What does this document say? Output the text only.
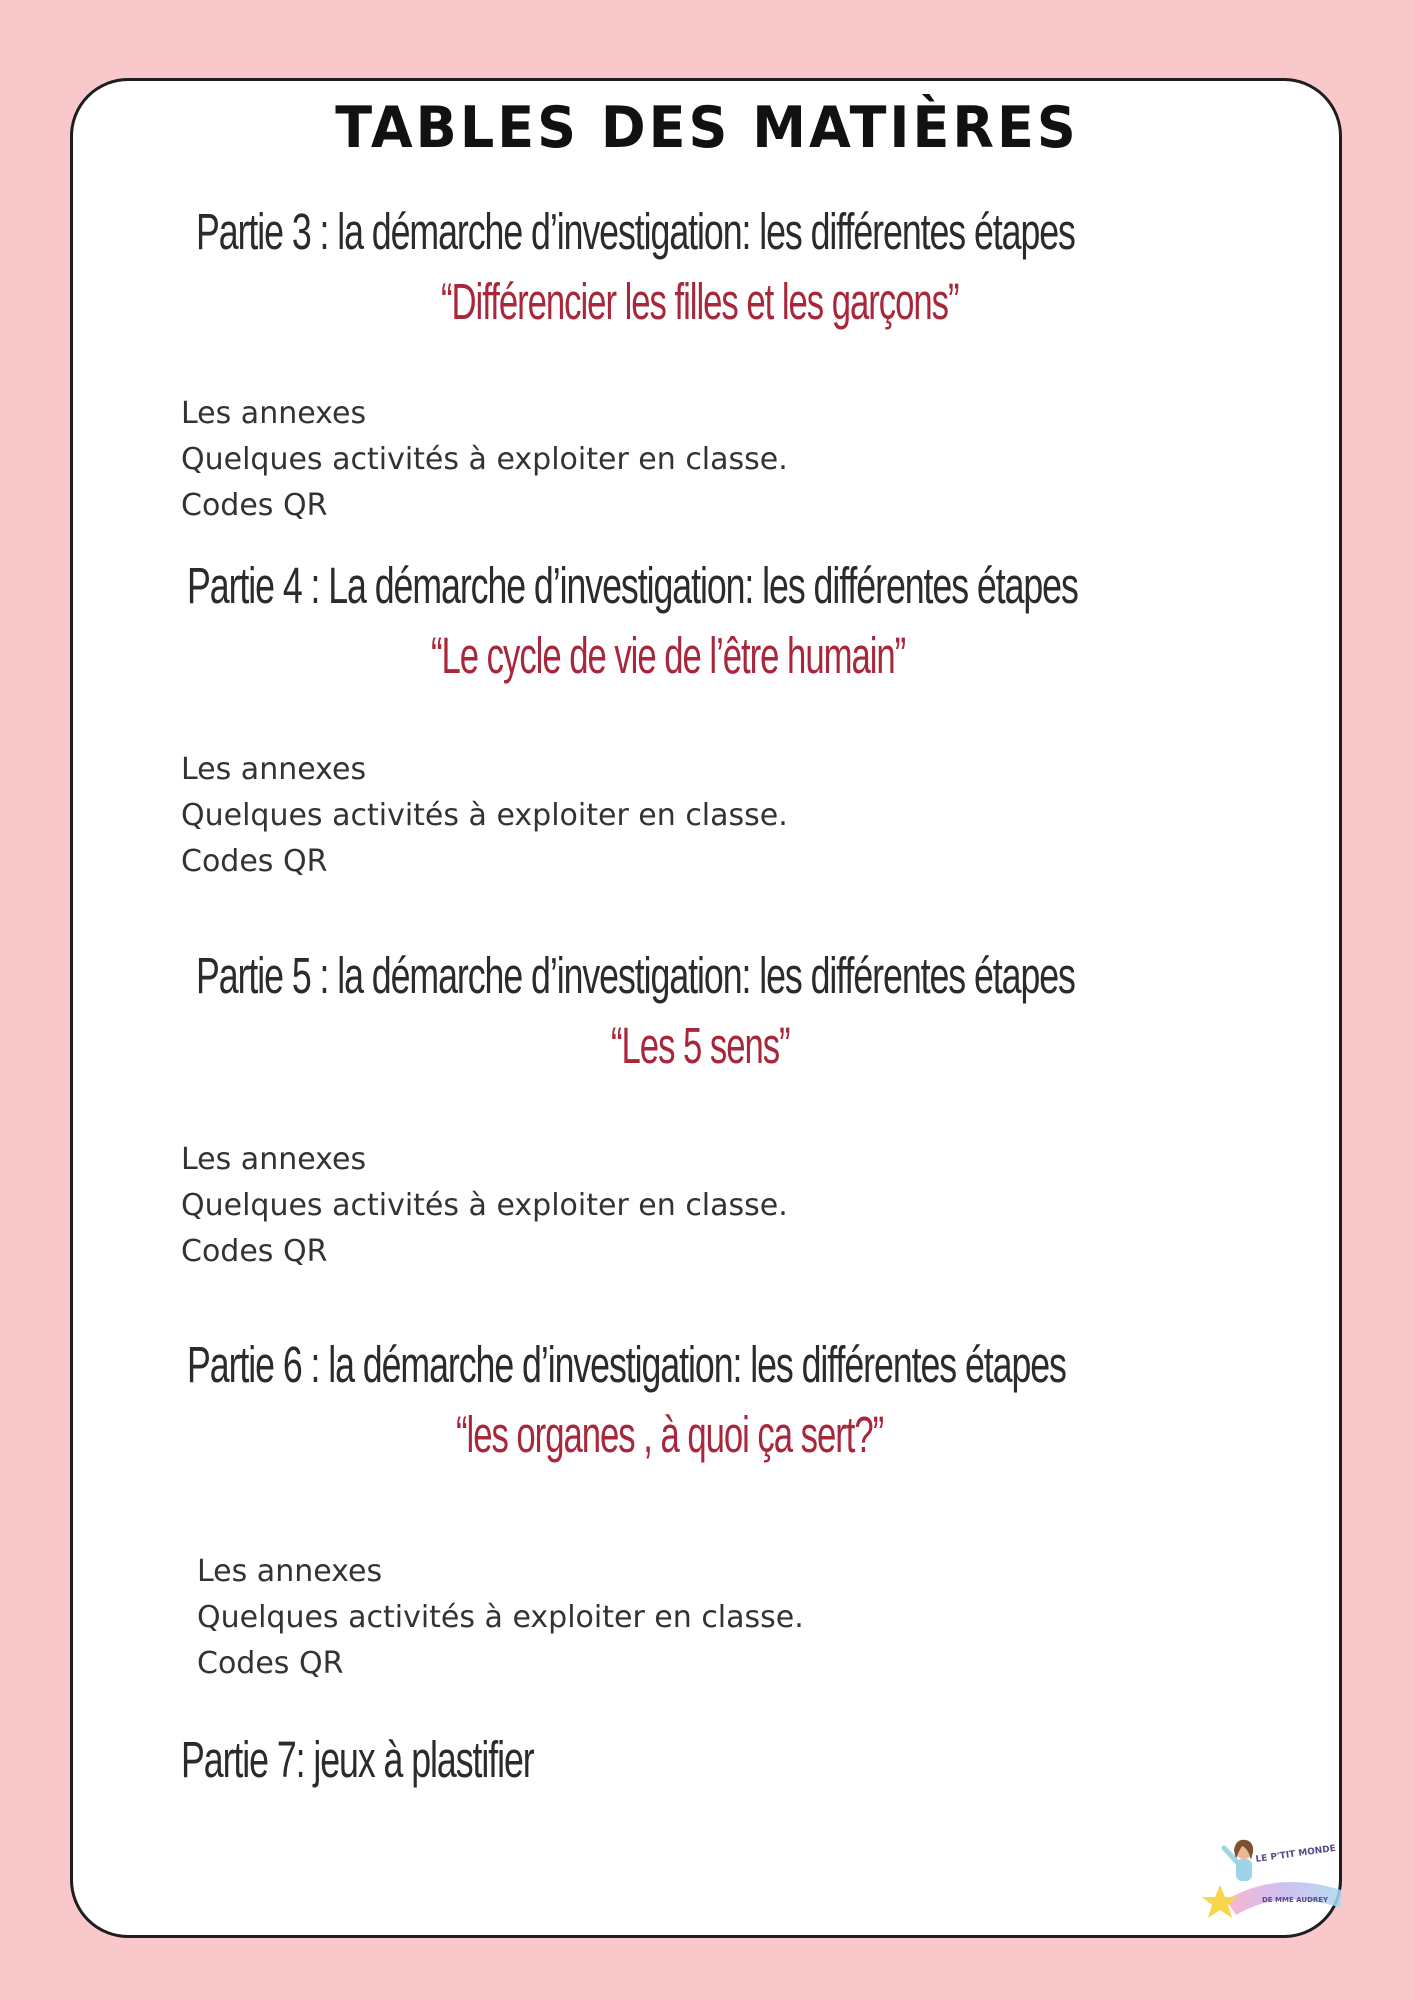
TABLES DES MATIÈRES
Partie 3 : la démarche d’investigation: les différentes étapes
“Différencier les filles et les garçons”
Les annexes
Quelques activités à exploiter en classe.
Codes QR
Partie 4 : La démarche d’investigation: les différentes étapes
“Le cycle de vie de l’être humain”
Les annexes
Quelques activités à exploiter en classe.
Codes QR
Partie 5 : la démarche d’investigation: les différentes étapes
“Les 5 sens”
Les annexes
Quelques activités à exploiter en classe.
Codes QR
Partie 6 : la démarche d’investigation: les différentes étapes
“les organes , à quoi ça sert?”
Les annexes
Quelques activités à exploiter en classe.
Codes QR
Partie 7: jeux à plastifier
LE P'TIT MONDE
DE MME AUDREY
